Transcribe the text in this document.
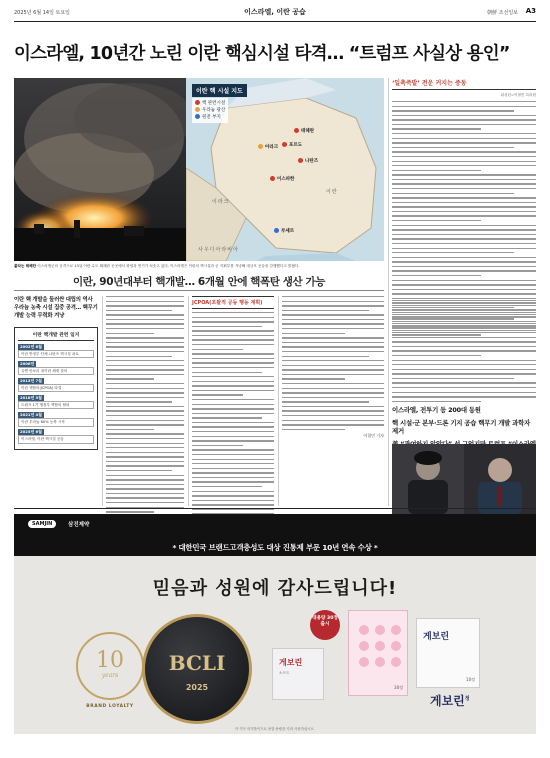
2025년 6월 14일 토요일	이스라엘, 이란 공습	朝鮮 조선일보 A3
이스라엘, 10년간 노린 이란 핵심시설 타격… “트럼프 사실상 용인”
이란 핵 시설 지도
핵 관련시설
우라늄 광산
원전 부지
테헤란
나탄즈
이스파한
아라크	포르도
부셰르
이라크
이란
사우디아라비아
불타는 테헤란 이스라엘군의 공격으로 13일 이란 수도 테헤란 곳곳에서 화염과 연기가 치솟고 있다. 이스라엘은 이란의 핵시설과 군 지휘부를 겨냥해 대규모 공습을 감행했다고 밝혔다.
‘일촉즉발’ 전운 커지는 중동
워싱턴=이철민 특파원
이란, 90년대부터 핵개발… 6개월 안에 핵폭탄 생산 가능
이란 핵 개발을 둘러싼 대립의 역사 우라늄 농축 시설 집중 공격… 핵무기 개발 능력 무력화 겨냥
이란 핵개발 관련 일지
2002년 8월
이란 반정부 단체 나탄즈 핵시설 폭로
2006년
유엔 안보리 대이란 제재 결의
2015년 7월
이란 핵합의(JCPOA) 타결
2018년 5월
트럼프 1기 행정부 핵합의 탈퇴
2021년 4월
이란 우라늄 60% 농축 시작
2025년 6월
이스라엘, 이란 핵시설 공습
JCPOA(포괄적 공동 행동 계획)
이철민 기자
이스라엘, 전투기 등 200대 동원
핵 시설·군 본부·드론 기지 공습 핵무기 개발 과학자 제거
SAMJIN	삼진제약
* 대한민국 브랜드고객충성도 대상 진통제 부문 10년 연속 수상 *
믿음과 성원에 감사드립니다!
10
years
BRAND LOYALTY
BCLI
2025
대용량 30정 출시
게보린
소프트
30정
게보린
10정
게보린$^정$
이 약은 의약품이므로 용법·용량을 지켜 사용하십시오.
